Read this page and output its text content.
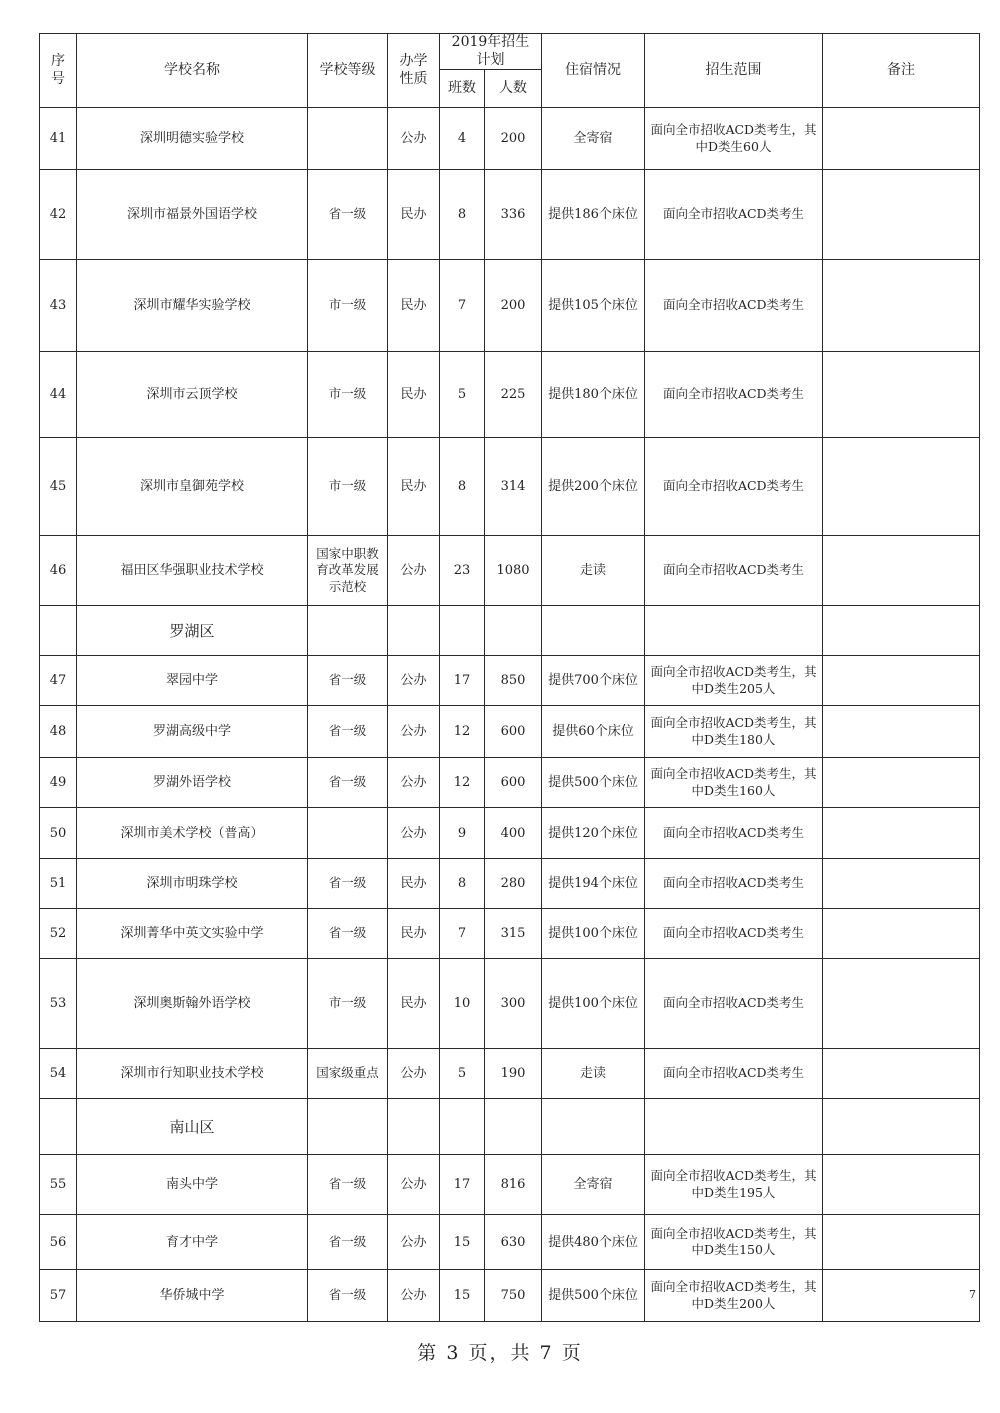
序号	学校名称	学校等级	办学性质	2019年招生计划		住宿情况	招生范围	备注
				班数	人数			
41	深圳明德实验学校		公办	4	200	全寄宿	面向全市招收ACD类考生，其中D类生60人	
42	深圳市福景外国语学校	省一级	民办	8	336	提供186个床位	面向全市招收ACD类考生	
43	深圳市耀华实验学校	市一级	民办	7	200	提供105个床位	面向全市招收ACD类考生	
44	深圳市云顶学校	市一级	民办	5	225	提供180个床位	面向全市招收ACD类考生	
45	深圳市皇御苑学校	市一级	民办	8	314	提供200个床位	面向全市招收ACD类考生	
46	福田区华强职业技术学校	国家中职教育改革发展示范校	公办	23	1080	走读	面向全市招收ACD类考生	
	罗湖区							
47	翠园中学	省一级	公办	17	850	提供700个床位	面向全市招收ACD类考生，其中D类生205人	
48	罗湖高级中学	省一级	公办	12	600	提供60个床位	面向全市招收ACD类考生，其中D类生180人	
49	罗湖外语学校	省一级	公办	12	600	提供500个床位	面向全市招收ACD类考生，其中D类生160人	
50	深圳市美术学校（普高）		公办	9	400	提供120个床位	面向全市招收ACD类考生	
51	深圳市明珠学校	省一级	民办	8	280	提供194个床位	面向全市招收ACD类考生	
52	深圳菁华中英文实验中学	省一级	民办	7	315	提供100个床位	面向全市招收ACD类考生	
53	深圳奥斯翰外语学校	市一级	民办	10	300	提供100个床位	面向全市招收ACD类考生	
54	深圳市行知职业技术学校	国家级重点	公办	5	190	走读	面向全市招收ACD类考生	
	南山区							
55	南头中学	省一级	公办	17	816	全寄宿	面向全市招收ACD类考生，其中D类生195人	
56	育才中学	省一级	公办	15	630	提供480个床位	面向全市招收ACD类考生，其中D类生150人	
57	华侨城中学	省一级	公办	15	750	提供500个床位	面向全市招收ACD类考生，其中D类生200人	7
第 3 页，共 7 页
